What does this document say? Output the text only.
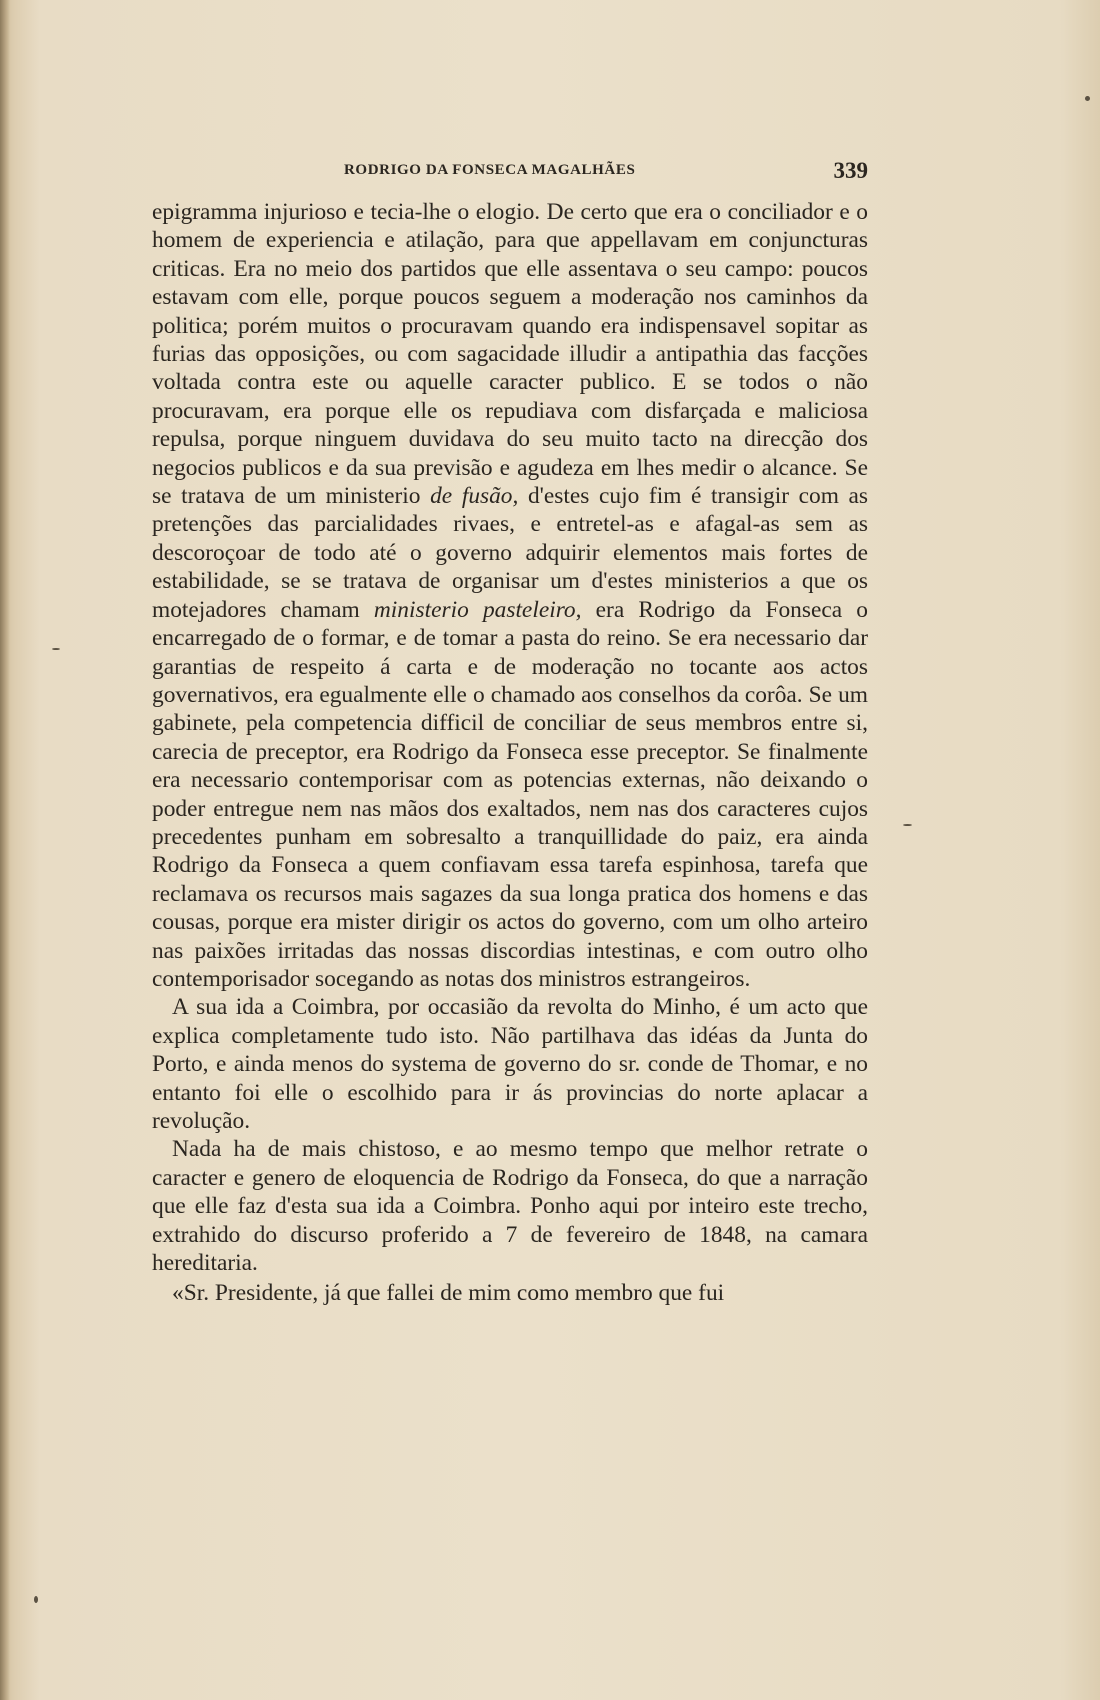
RODRIGO DA FONSECA MAGALHÃES	339

epigramma injurioso e tecia-lhe o elogio. De certo que era o conciliador e o homem de experiencia e atilação, para que appellavam em conjuncturas criticas. Era no meio dos partidos que elle assentava o seu campo: poucos estavam com elle, porque poucos seguem a moderação nos caminhos da politica; porém muitos o procuravam quando era indispensavel sopitar as furias das opposições, ou com sagacidade illudir a antipathia das facções voltada contra este ou aquelle caracter publico. E se todos o não procuravam, era porque elle os repudiava com disfarçada e maliciosa repulsa, porque ninguem duvidava do seu muito tacto na direcção dos negocios publicos e da sua previsão e agudeza em lhes medir o alcance. Se se tratava de um ministerio de fusão, d'estes cujo fim é transigir com as pretenções das parcialidades rivaes, e entretel-as e afagal-as sem as descoroçoar de todo até o governo adquirir elementos mais fortes de estabilidade, se se tratava de organisar um d'estes ministerios a que os motejadores chamam ministerio pasteleiro, era Rodrigo da Fonseca o encarregado de o formar, e de tomar a pasta do reino. Se era necessario dar garantias de respeito á carta e de moderação no tocante aos actos governativos, era egualmente elle o chamado aos conselhos da corôa. Se um gabinete, pela competencia difficil de conciliar de seus membros entre si, carecia de preceptor, era Rodrigo da Fonseca esse preceptor. Se finalmente era necessario contemporisar com as potencias externas, não deixando o poder entregue nem nas mãos dos exaltados, nem nas dos caracteres cujos precedentes punham em sobresalto a tranquillidade do paiz, era ainda Rodrigo da Fonseca a quem confiavam essa tarefa espinhosa, tarefa que reclamava os recursos mais sagazes da sua longa pratica dos homens e das cousas, porque era mister dirigir os actos do governo, com um olho arteiro nas paixões irritadas das nossas discordias intestinas, e com outro olho contemporisador socegando as notas dos ministros estrangeiros.

A sua ida a Coimbra, por occasião da revolta do Minho, é um acto que explica completamente tudo isto. Não partilhava das idéas da Junta do Porto, e ainda menos do systema de governo do sr. conde de Thomar, e no entanto foi elle o escolhido para ir ás provincias do norte aplacar a revolução.

Nada ha de mais chistoso, e ao mesmo tempo que melhor retrate o caracter e genero de eloquencia de Rodrigo da Fonseca, do que a narração que elle faz d'esta sua ida a Coimbra. Ponho aqui por inteiro este trecho, extrahido do discurso proferido a 7 de fevereiro de 1848, na camara hereditaria.

«Sr. Presidente, já que fallei de mim como membro que fui
